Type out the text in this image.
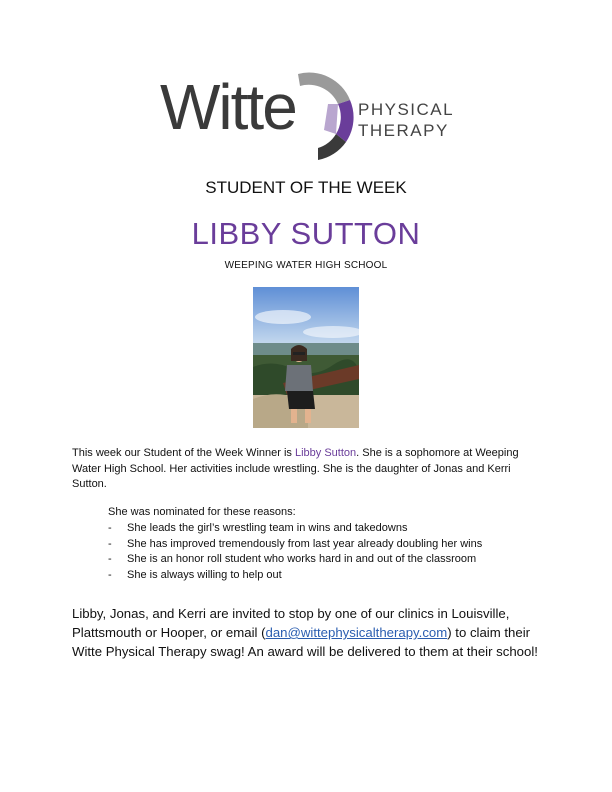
Witte	PHYSICAL
THERAPY
STUDENT OF THE WEEK
LIBBY SUTTON
WEEPING WATER HIGH SCHOOL
This week our Student of the Week Winner is Libby Sutton. She is a sophomore at Weeping Water High School. Her activities include wrestling. She is the daughter of Jonas and Kerri Sutton.
She was nominated for these reasons:
- She leads the girl’s wrestling team in wins and takedowns
- She has improved tremendously from last year already doubling her wins
- She is an honor roll student who works hard in and out of the classroom
- She is always willing to help out
Libby, Jonas, and Kerri are invited to stop by one of our clinics in Louisville, Plattsmouth or Hooper, or email (dan@wittephysicaltherapy.com) to claim their Witte Physical Therapy swag! An award will be delivered to them at their school!
